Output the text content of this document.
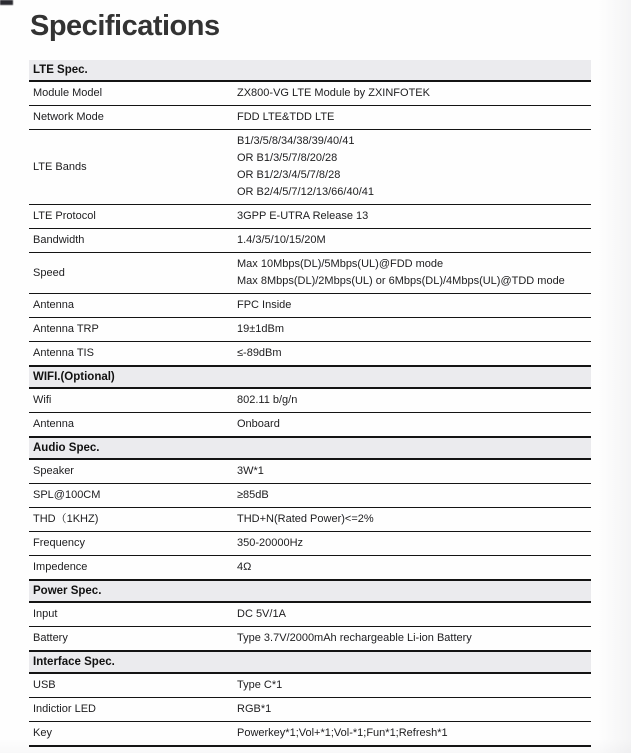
Specifications
LTE Spec.	
Module Model	ZX800-VG LTE Module by ZXINFOTEK

Network Mode	FDD LTE&TDD LTE

LTE Bands	B1/3/5/8/34/38/39/40/41
OR B1/3/5/7/8/20/28
OR B1/2/3/4/5/7/8/28
OR B2/4/5/7/12/13/66/40/41

LTE Protocol	3GPP E-UTRA Release 13

Bandwidth	1.4/3/5/10/15/20M

Speed	Max 10Mbps(DL)/5Mbps(UL)@FDD mode
Max 8Mbps(DL)/2Mbps(UL) or 6Mbps(DL)/4Mbps(UL)@TDD mode

Antenna	FPC Inside

Antenna TRP	19±1dBm

Antenna TIS	≤-89dBm

WIFI.(Optional)	
Wifi	802.11 b/g/n

Antenna	Onboard

Audio Spec.	
Speaker	3W*1

SPL@100CM	≥85dB

THD（1KHZ)	THD+N(Rated Power)<=2%

Frequency	350-20000Hz

Impedence	4Ω

Power Spec.	
Input	DC 5V/1A

Battery	Type 3.7V/2000mAh rechargeable Li-ion Battery

Interface Spec.	
USB	Type C*1

Indictior LED	RGB*1

Key	Powerkey*1;Vol+*1;Vol-*1;Fun*1;Refresh*1
